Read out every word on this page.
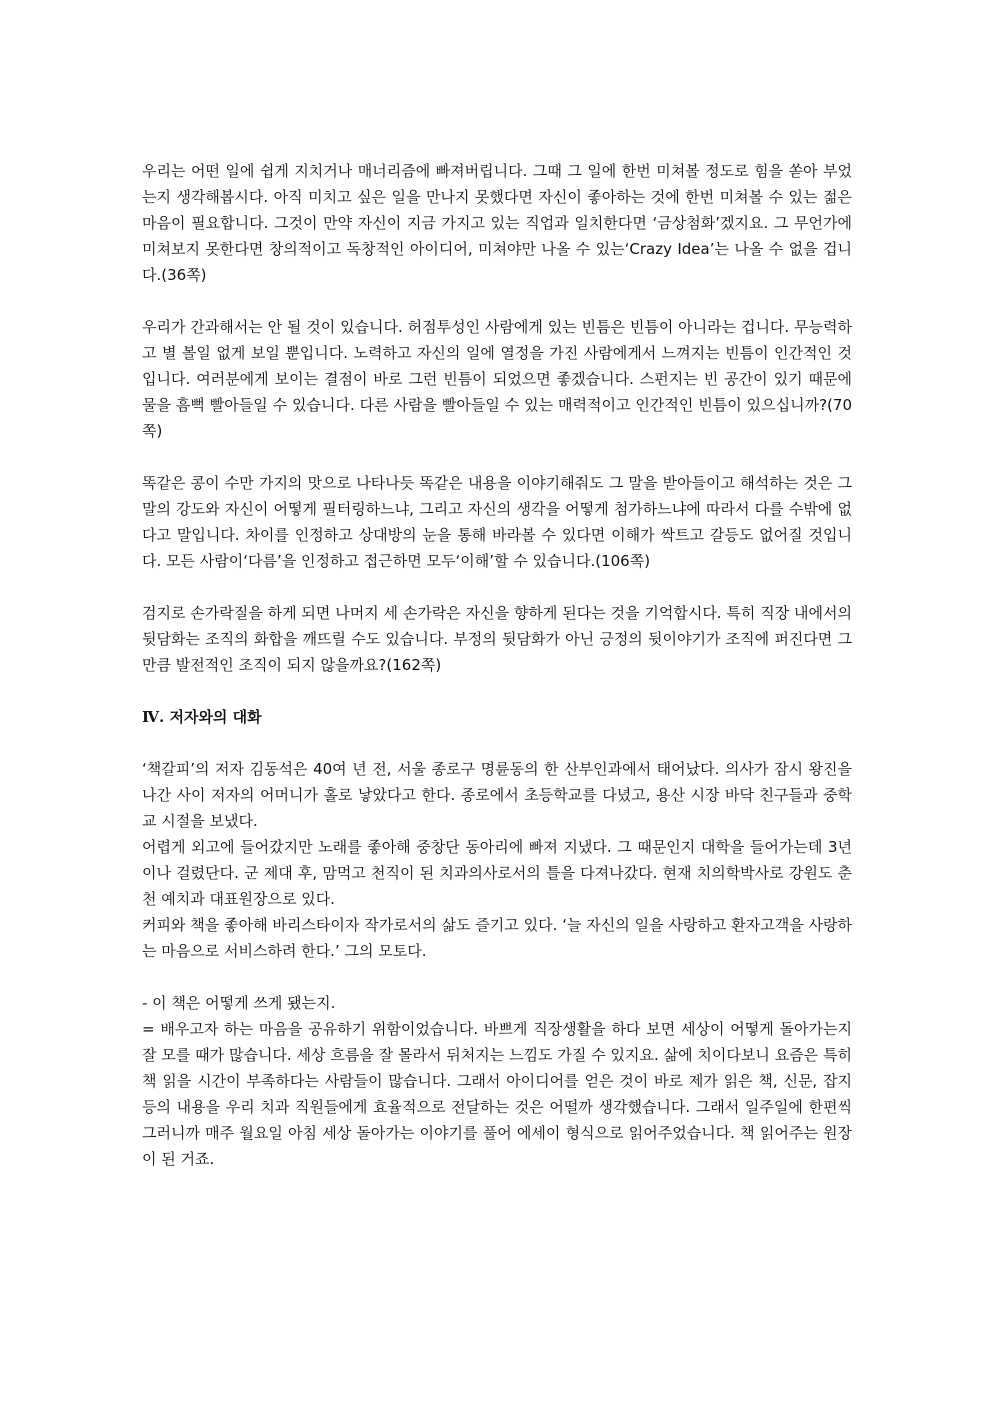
우리는 어떤 일에 쉽게 지치거나 매너리즘에 빠져버립니다. 그때 그 일에 한번 미쳐볼 정도로 힘을 쏟아 부었는지 생각해봅시다. 아직 미치고 싶은 일을 만나지 못했다면 자신이 좋아하는 것에 한번 미쳐볼 수 있는 젊은 마음이 필요합니다. 그것이 만약 자신이 지금 가지고 있는 직업과 일치한다면 ‘금상첨화’겠지요. 그 무언가에 미쳐보지 못한다면 창의적이고 독창적인 아이디어, 미쳐야만 나올 수 있는‘Crazy Idea’는 나올 수 없을 겁니다.(36쪽)

우리가 간과해서는 안 될 것이 있습니다. 허점투성인 사람에게 있는 빈틈은 빈틈이 아니라는 겁니다. 무능력하고 별 볼일 없게 보일 뿐입니다. 노력하고 자신의 일에 열정을 가진 사람에게서 느껴지는 빈틈이 인간적인 것입니다. 여러분에게 보이는 결점이 바로 그런 빈틈이 되었으면 좋겠습니다. 스펀지는 빈 공간이 있기 때문에 물을 흠뻑 빨아들일 수 있습니다. 다른 사람을 빨아들일 수 있는 매력적이고 인간적인 빈틈이 있으십니까?(70쪽)

똑같은 콩이 수만 가지의 맛으로 나타나듯 똑같은 내용을 이야기해줘도 그 말을 받아들이고 해석하는 것은 그 말의 강도와 자신이 어떻게 필터링하느냐, 그리고 자신의 생각을 어떻게 첨가하느냐에 따라서 다를 수밖에 없다고 말입니다. 차이를 인정하고 상대방의 눈을 통해 바라볼 수 있다면 이해가 싹트고 갈등도 없어질 것입니다. 모든 사람이‘다름’을 인정하고 접근하면 모두‘이해’할 수 있습니다.(106쪽)

검지로 손가락질을 하게 되면 나머지 세 손가락은 자신을 향하게 된다는 것을 기억합시다. 특히 직장 내에서의 뒷담화는 조직의 화합을 깨뜨릴 수도 있습니다. 부정의 뒷담화가 아닌 긍정의 뒷이야기가 조직에 퍼진다면 그만큼 발전적인 조직이 되지 않을까요?(162쪽)

Ⅳ. 저자와의 대화

‘책갈피’의 저자 김동석은 40여 년 전, 서울 종로구 명륜동의 한 산부인과에서 태어났다. 의사가 잠시 왕진을 나간 사이 저자의 어머니가 홀로 낳았다고 한다. 종로에서 초등학교를 다녔고, 용산 시장 바닥 친구들과 중학교 시절을 보냈다.

어렵게 외고에 들어갔지만 노래를 좋아해 중창단 동아리에 빠져 지냈다. 그 때문인지 대학을 들어가는데 3년이나 걸렸단다. 군 제대 후, 맘먹고 천직이 된 치과의사로서의 틀을 다져나갔다. 현재 치의학박사로 강원도 춘천 예치과 대표원장으로 있다.

커피와 책을 좋아해 바리스타이자 작가로서의 삶도 즐기고 있다. ‘늘 자신의 일을 사랑하고 환자고객을 사랑하는 마음으로 서비스하려 한다.’ 그의 모토다.

- 이 책은 어떻게 쓰게 됐는지.

= 배우고자 하는 마음을 공유하기 위함이었습니다. 바쁘게 직장생활을 하다 보면 세상이 어떻게 돌아가는지 잘 모를 때가 많습니다. 세상 흐름을 잘 몰라서 뒤처지는 느낌도 가질 수 있지요. 삶에 치이다보니 요즘은 특히 책 읽을 시간이 부족하다는 사람들이 많습니다. 그래서 아이디어를 얻은 것이 바로 제가 읽은 책, 신문, 잡지 등의 내용을 우리 치과 직원들에게 효율적으로 전달하는 것은 어떨까 생각했습니다. 그래서 일주일에 한편씩 그러니까 매주 월요일 아침 세상 돌아가는 이야기를 풀어 에세이 형식으로 읽어주었습니다. 책 읽어주는 원장이 된 거죠.
